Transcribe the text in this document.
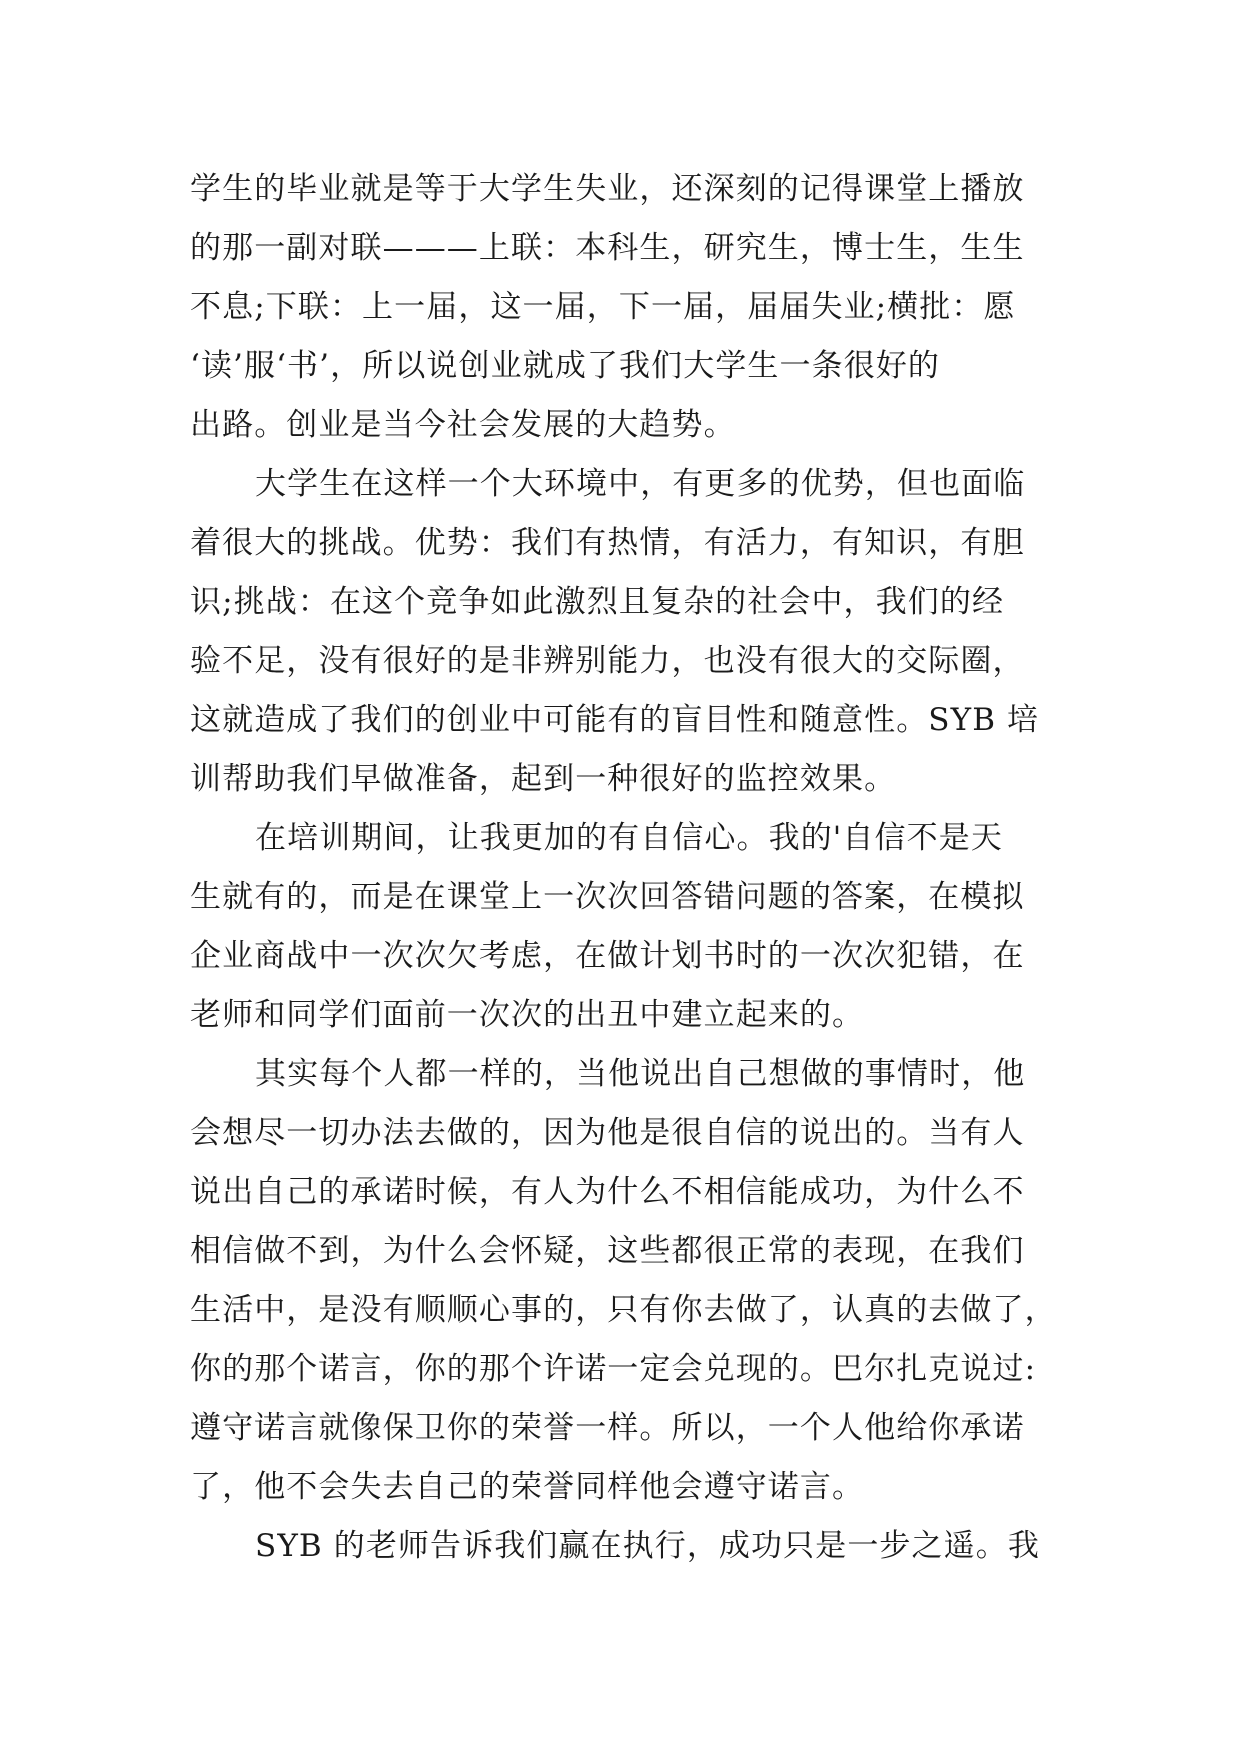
学生的毕业就是等于大学生失业，还深刻的记得课堂上播放
的那一副对联———上联：本科生，研究生，博士生，生生
不息;下联：上一届，这一届，下一届，届届失业;横批：愿
‘读’服‘书’，所以说创业就成了我们大学生一条很好的
出路。创业是当今社会发展的大趋势。
大学生在这样一个大环境中，有更多的优势，但也面临
着很大的挑战。优势：我们有热情，有活力，有知识，有胆
识;挑战：在这个竞争如此激烈且复杂的社会中，我们的经
验不足，没有很好的是非辨别能力，也没有很大的交际圈，
这就造成了我们的创业中可能有的盲目性和随意性。SYB 培
训帮助我们早做准备，起到一种很好的监控效果。
在培训期间，让我更加的有自信心。我的'自信不是天
生就有的，而是在课堂上一次次回答错问题的答案，在模拟
企业商战中一次次欠考虑，在做计划书时的一次次犯错，在
老师和同学们面前一次次的出丑中建立起来的。
其实每个人都一样的，当他说出自己想做的事情时，他
会想尽一切办法去做的，因为他是很自信的说出的。当有人
说出自己的承诺时候，有人为什么不相信能成功，为什么不
相信做不到，为什么会怀疑，这些都很正常的表现，在我们
生活中，是没有顺顺心事的，只有你去做了，认真的去做了，
你的那个诺言，你的那个许诺一定会兑现的。巴尔扎克说过:
遵守诺言就像保卫你的荣誉一样。所以，一个人他给你承诺
了，他不会失去自己的荣誉同样他会遵守诺言。
SYB 的老师告诉我们赢在执行，成功只是一步之遥。我
